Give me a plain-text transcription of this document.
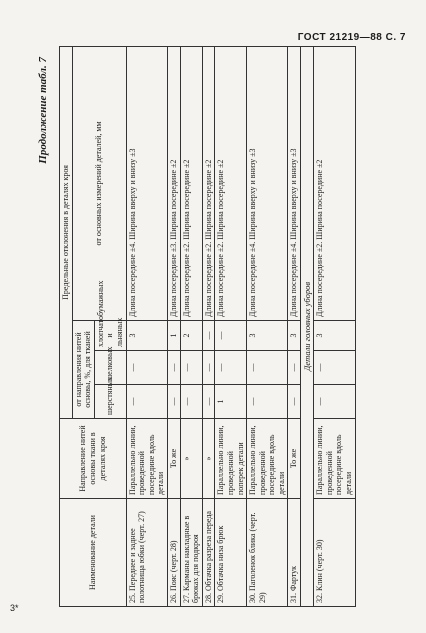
ГОСТ 21219—88 С. 7
3*
Продолжение табл. 7
Наименование детали	Направление нитей основы ткани в деталях кроя	Предельные отклонения в деталях кроя			
		от направления нитей основы, %, для тканей			от основных измерений деталей, мм
		шерстяных	шелковых	хлопчатобумажных и льняных	
25. Переднее и заднее полотнища юбки (черт. 27)	Параллельно линии, проведенной посередине вдоль детали	—	—	3	Длина посередине ±4. Ширина вверху и внизу ±3
26. Пояс (черт. 28)	То же	—	—	1	Длина посередине ±3. Ширина посередине ±2
27. Карманы накладные в брюках для подкроя	»	—	—	2	Длина посередине ±2. Ширина посередине ±2
28. Обтачка разреза переда	»	—	—	—	Длина посередине ±2. Ширина посередине ±2
29. Обтачка низа брюк	Параллельно линии, проведенной поперек детали	1	—	—	Длина посередине ±2. Ширина посередине ±2
30. Паголенок блика (черт. 29)	Параллельно линии, проведенной посередине вдоль детали	—	—	3	Длина посередине ±4. Ширина вверху и внизу ±3
31. Фартук	То же	—	—	3	Длина посередине ±4. Ширина вверху и внизу ±3
Детали головных уборов					
32. Клин (черт. 30)	Параллельно линии, проведенной посередине вдоль детали	—	—	3	Длина посередине ±2. Ширина посередине ±2
